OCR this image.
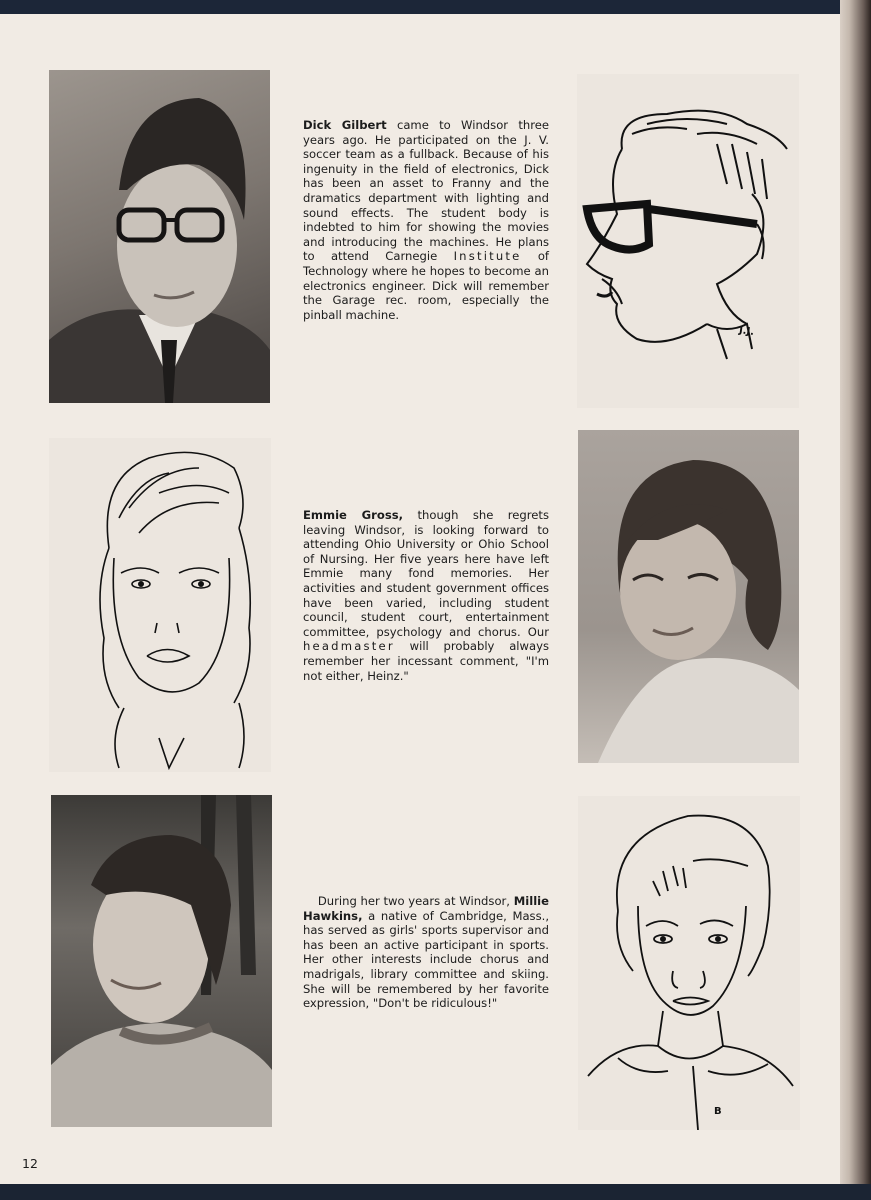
Dick Gilbert came to Windsor three years ago. He participated on the J. V. soccer team as a fullback. Because of his ingenuity in the field of electronics, Dick has been an asset to Franny and the dramatics department with lighting and sound effects. The student body is indebted to him for showing the movies and introducing the machines. He plans to attend Carnegie Institute of Technology where he hopes to become an electronics engineer. Dick will remember the Garage rec. room, especially the pinball machine.

J.J.

Emmie Gross, though she regrets leaving Windsor, is looking forward to attending Ohio University or Ohio School of Nursing. Her five years here have left Emmie many fond memories. Her activities and student government offices have been varied, including student council, student court, entertainment committee, psychology and chorus. Our headmaster will probably always remember her incessant comment, "I'm not either, Heinz."

During her two years at Windsor, Millie Hawkins, a native of Cambridge, Mass., has served as girls' sports supervisor and has been an active participant in sports. Her other interests include chorus and madrigals, library committee and skiing. She will be remembered by her favorite expression, "Don't be ridiculous!"

B
12
